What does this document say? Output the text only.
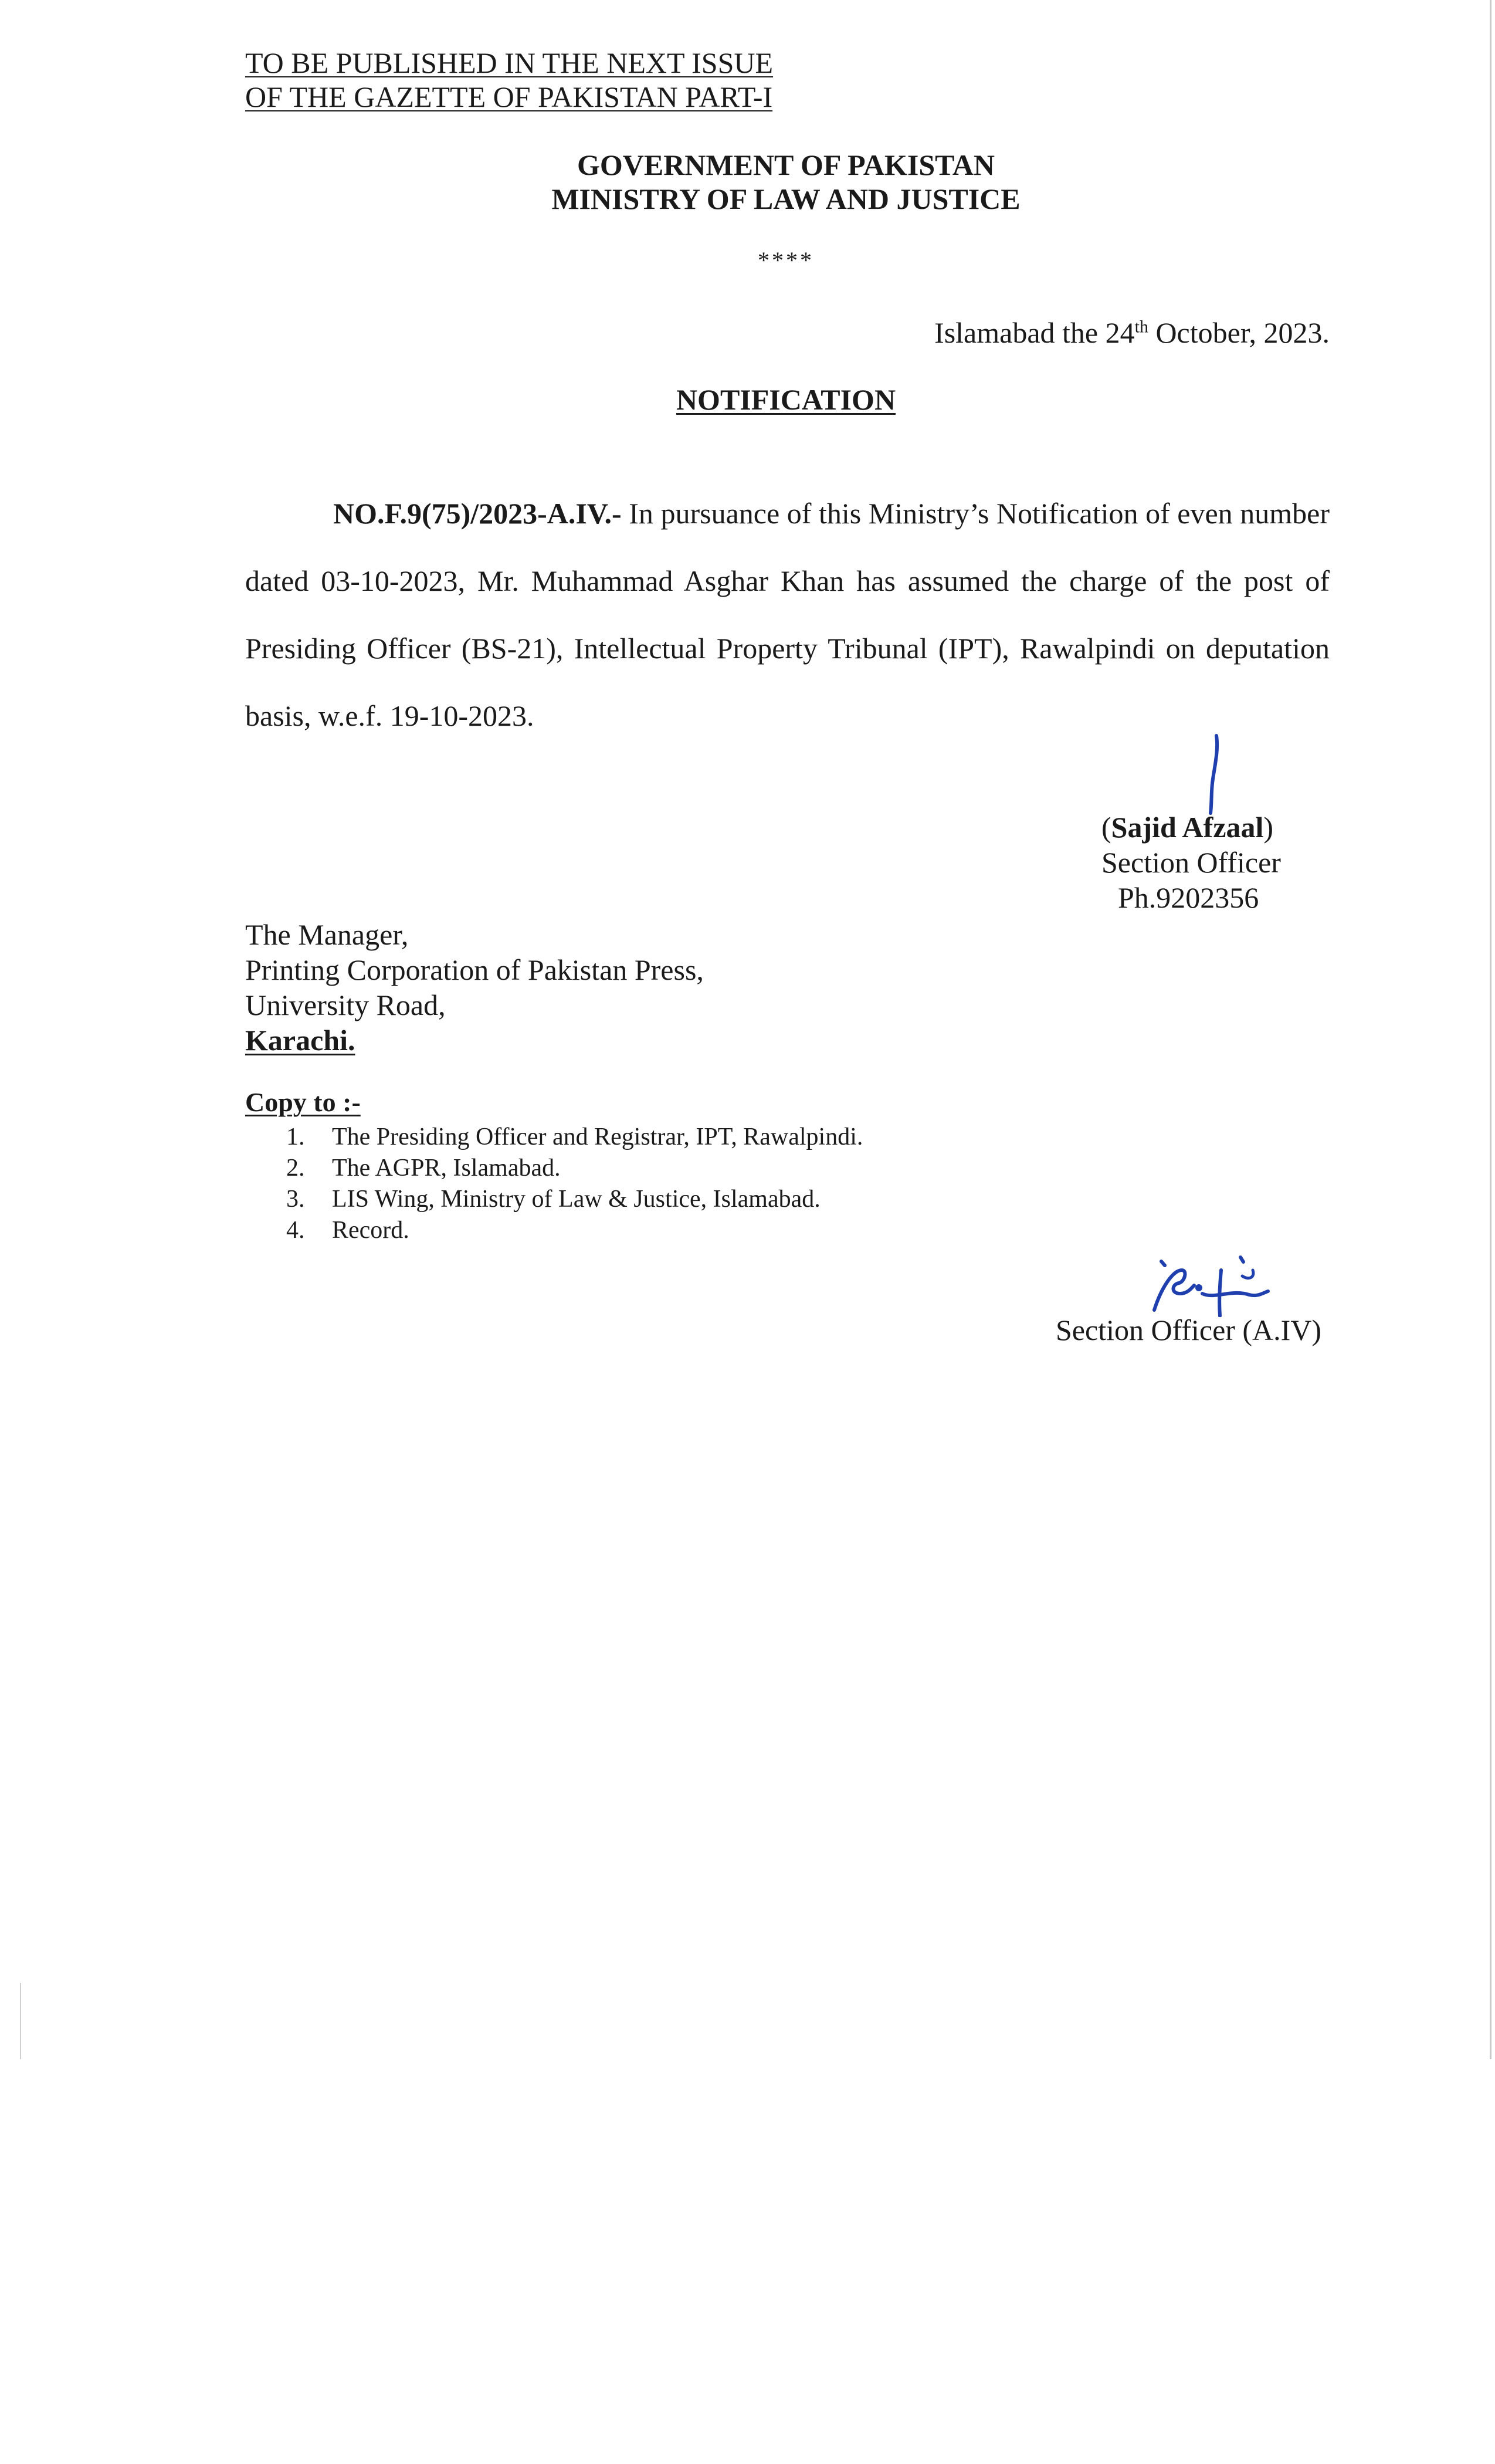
TO BE PUBLISHED IN THE NEXT ISSUE
OF THE GAZETTE OF PAKISTAN PART-I
GOVERNMENT OF PAKISTAN
MINISTRY OF LAW AND JUSTICE
****
Islamabad the 24th October, 2023.
NOTIFICATION

NO.F.9(75)/2023-A.IV.- In pursuance of this Ministry’s Notification of even number dated 03-10-2023, Mr. Muhammad Asghar Khan has assumed the charge of the post of Presiding Officer (BS-21), Intellectual Property Tribunal (IPT), Rawalpindi on deputation basis, w.e.f. 19-10-2023.

(Sajid Afzaal)
Section Officer
Ph.9202356
The Manager,
Printing Corporation of Pakistan Press,
University Road,
Karachi.
Copy to :-
1. The Presiding Officer and Registrar, IPT, Rawalpindi.
2. The AGPR, Islamabad.
3. LIS Wing, Ministry of Law & Justice, Islamabad.
4. Record.
Section Officer (A.IV)
